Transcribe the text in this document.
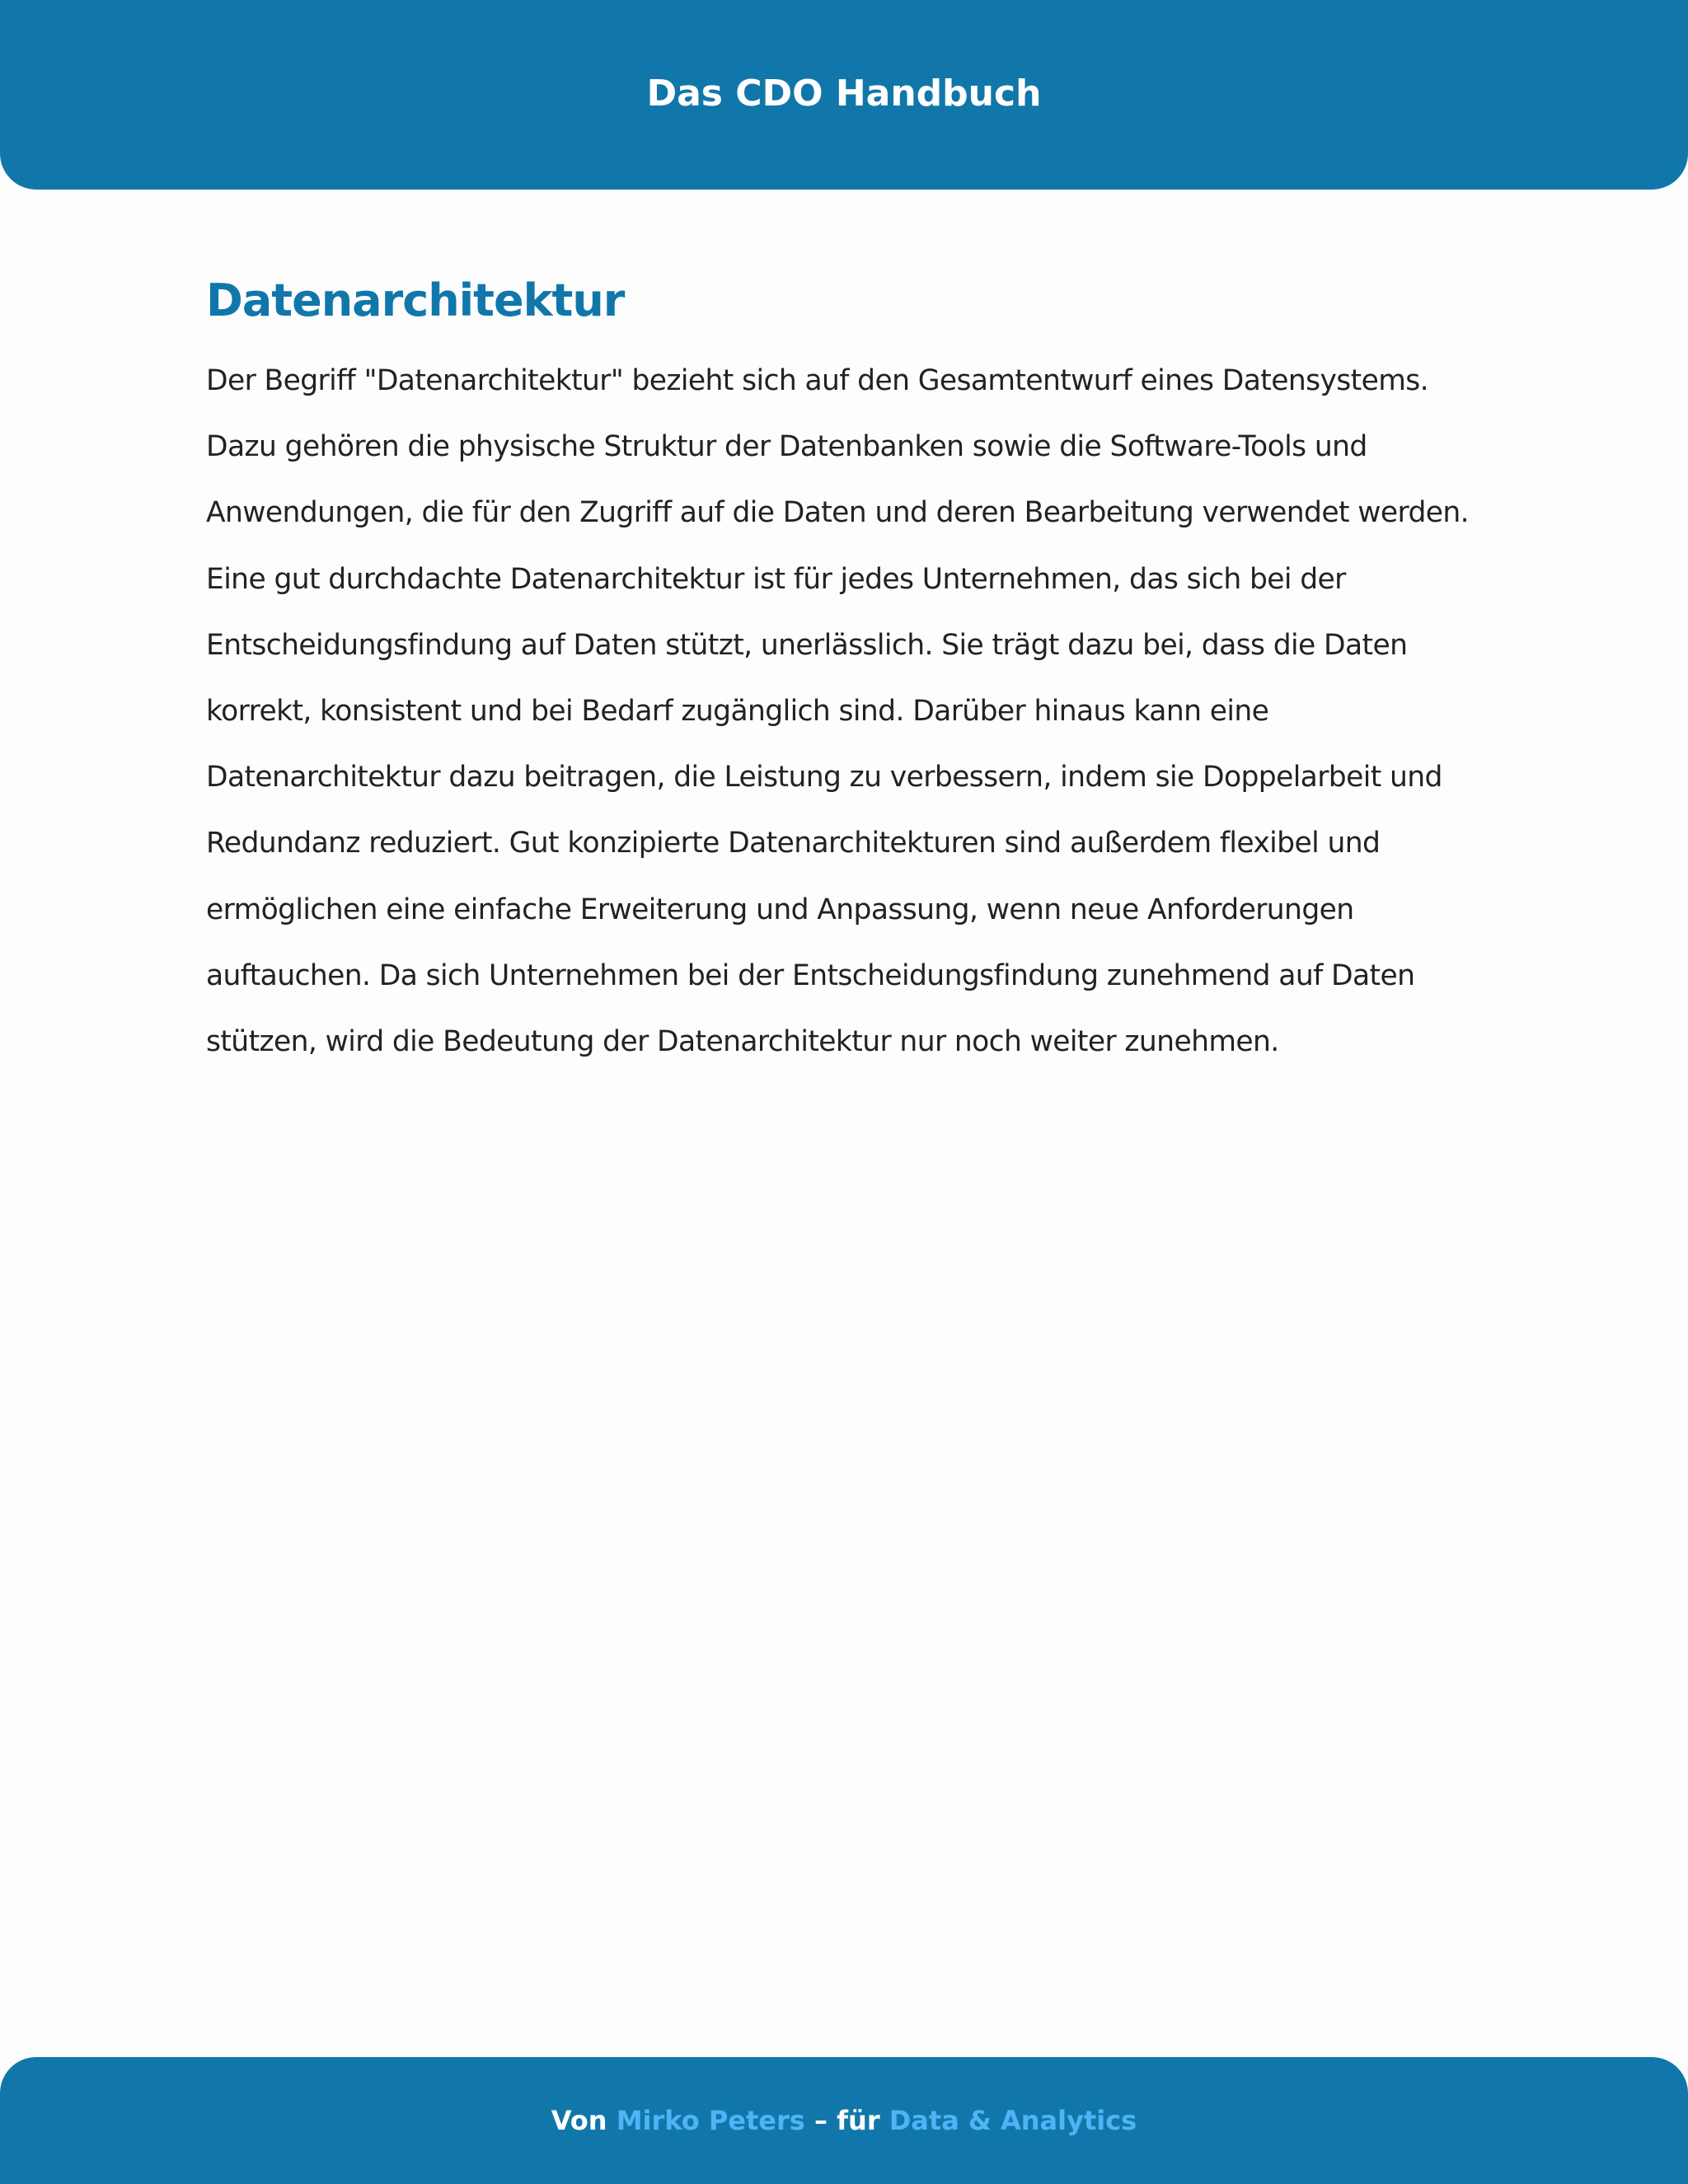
Das CDO Handbuch
Datenarchitektur

Der Begriff "Datenarchitektur" bezieht sich auf den Gesamtentwurf eines Datensystems. Dazu gehören die physische Struktur der Datenbanken sowie die Software-Tools und Anwendungen, die für den Zugriff auf die Daten und deren Bearbeitung verwendet werden. Eine gut durchdachte Datenarchitektur ist für jedes Unternehmen, das sich bei der Entscheidungsfindung auf Daten stützt, unerlässlich. Sie trägt dazu bei, dass die Daten korrekt, konsistent und bei Bedarf zugänglich sind. Darüber hinaus kann eine Datenarchitektur dazu beitragen, die Leistung zu verbessern, indem sie Doppelarbeit und Redundanz reduziert. Gut konzipierte Datenarchitekturen sind außerdem flexibel und ermöglichen eine einfache Erweiterung und Anpassung, wenn neue Anforderungen auftauchen. Da sich Unternehmen bei der Entscheidungsfindung zunehmend auf Daten stützen, wird die Bedeutung der Datenarchitektur nur noch weiter zunehmen.

Von Mirko Peters – für Data & Analytics
